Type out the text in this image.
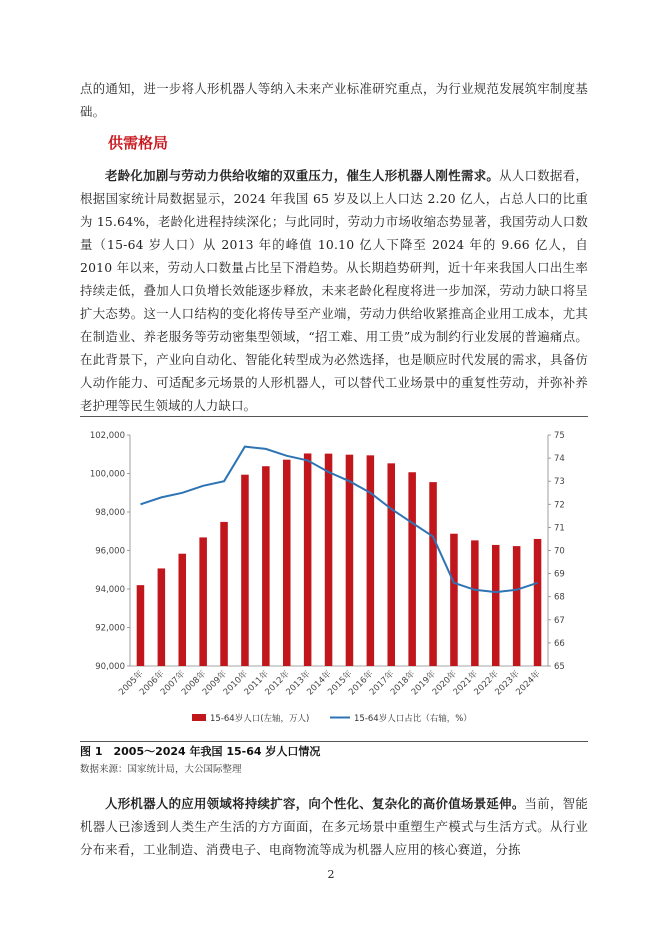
点的通知，进一步将人形机器人等纳入未来产业标准研究重点，为行业规范发展筑牢制度基础。
供需格局
老龄化加剧与劳动力供给收缩的双重压力，催生人形机器人刚性需求。从人口数据看，根据国家统计局数据显示，2024 年我国 65 岁及以上人口达 2.20 亿人，占总人口的比重为 15.64%，老龄化进程持续深化；与此同时，劳动力市场收缩态势显著，我国劳动人口数量（15-64 岁人口）从 2013 年的峰值 10.10 亿人下降至 2024 年的 9.66 亿人，自 2010 年以来，劳动人口数量占比呈下滑趋势。从长期趋势研判，近十年来我国人口出生率持续走低，叠加人口负增长效能逐步释放，未来老龄化程度将进一步加深，劳动力缺口将呈扩大态势。这一人口结构的变化将传导至产业端，劳动力供给收紧推高企业用工成本，尤其在制造业、养老服务等劳动密集型领域，“招工难、用工贵”成为制约行业发展的普遍痛点。在此背景下，产业向自动化、智能化转型成为必然选择，也是顺应时代发展的需求，具备仿人动作能力、可适配多元场景的人形机器人，可以替代工业场景中的重复性劳动，并弥补养老护理等民生领域的人力缺口。
90,000
92,000
94,000
96,000
98,000
100,000
102,000
65
66
67
68
69
70
71
72
73
74
75
2005年
2006年
2007年
2008年
2009年
2010年
2011年
2012年
2013年
2014年
2015年
2016年
2017年
2018年
2019年
2020年
2021年
2022年
2023年
2024年
15-64岁人口(左轴，万人)	15-64岁人口占比（右轴，%）
图 1　2005～2024 年我国 15-64 岁人口情况
数据来源：国家统计局，大公国际整理
人形机器人的应用领域将持续扩容，向个性化、复杂化的高价值场景延伸。当前，智能机器人已渗透到人类生产生活的方方面面，在多元场景中重塑生产模式与生活方式。从行业分布来看，工业制造、消费电子、电商物流等成为机器人应用的核心赛道，分拣
2
